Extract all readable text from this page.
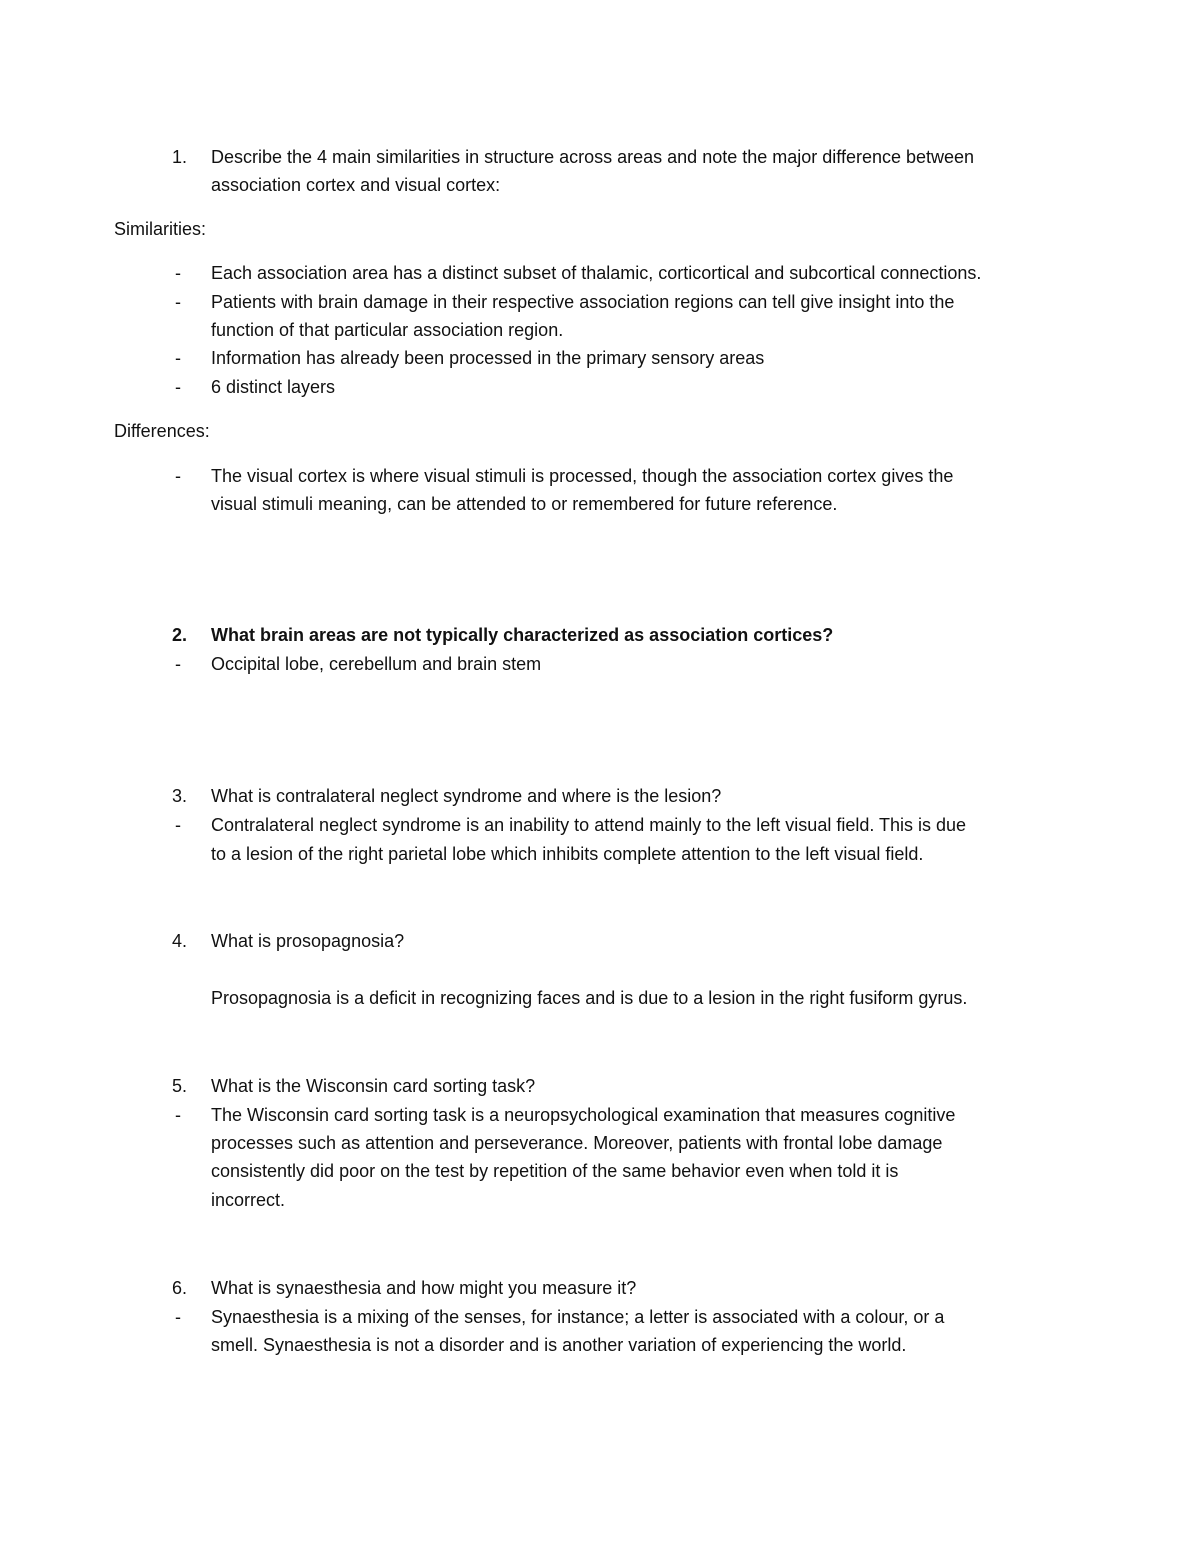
1. Describe the 4 main similarities in structure across areas and note the major difference between
association cortex and visual cortex:
Similarities:
- Each association area has a distinct subset of thalamic, corticortical and subcortical connections.
- Patients with brain damage in their respective association regions can tell give insight into the
function of that particular association region.
- Information has already been processed in the primary sensory areas
- 6 distinct layers
Differences:
- The visual cortex is where visual stimuli is processed, though the association cortex gives the
visual stimuli meaning, can be attended to or remembered for future reference.
2. What brain areas are not typically characterized as association cortices?
- Occipital lobe, cerebellum and brain stem
3. What is contralateral neglect syndrome and where is the lesion?
- Contralateral neglect syndrome is an inability to attend mainly to the left visual field. This is due
to a lesion of the right parietal lobe which inhibits complete attention to the left visual field.
4. What is prosopagnosia?
Prosopagnosia is a deficit in recognizing faces and is due to a lesion in the right fusiform gyrus.
5. What is the Wisconsin card sorting task?
- The Wisconsin card sorting task is a neuropsychological examination that measures cognitive
processes such as attention and perseverance. Moreover, patients with frontal lobe damage
consistently did poor on the test by repetition of the same behavior even when told it is
incorrect.
6. What is synaesthesia and how might you measure it?
- Synaesthesia is a mixing of the senses, for instance; a letter is associated with a colour, or a
smell. Synaesthesia is not a disorder and is another variation of experiencing the world.
